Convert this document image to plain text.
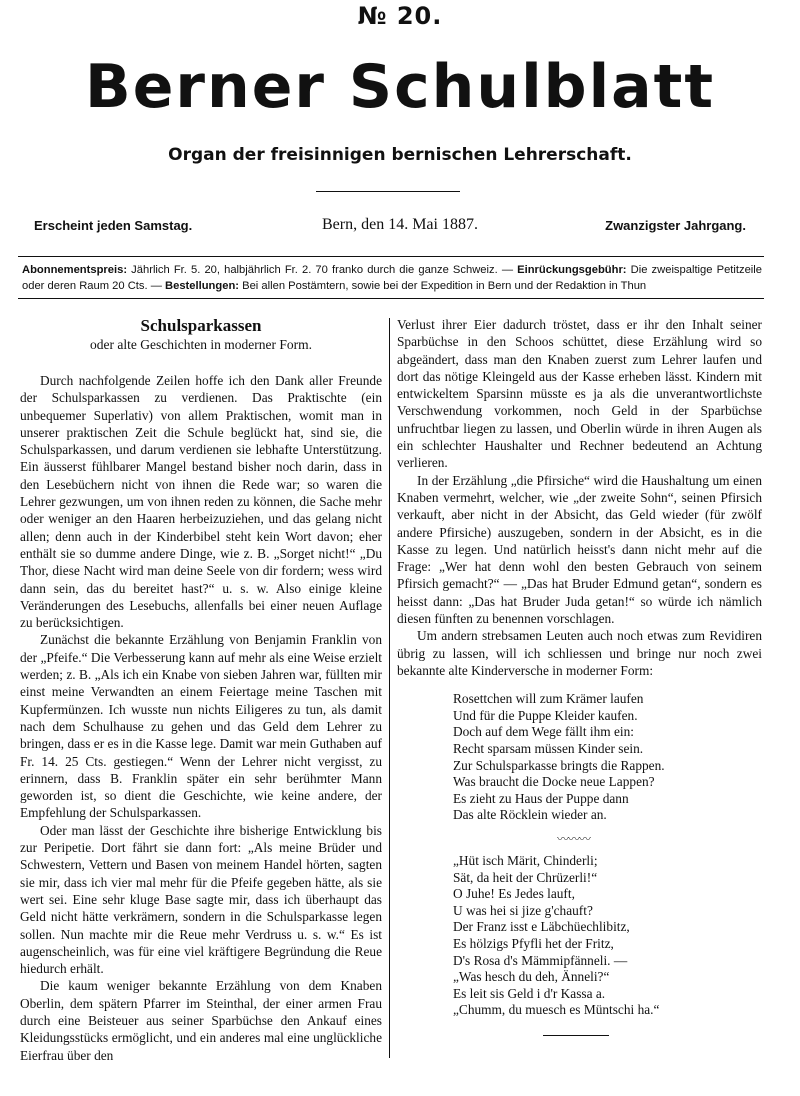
№ 20.
Berner Schulblatt
Organ der freisinnigen bernischen Lehrerschaft.
Erscheint jeden Samstag.	Bern, den 14. Mai 1887.	Zwanzigster Jahrgang.
Abonnementspreis: Jährlich Fr. 5. 20, halbjährlich Fr. 2. 70 franko durch die ganze Schweiz. — Einrückungsgebühr: Die zweispaltige Petitzeile oder deren Raum 20 Cts. — Bestellungen: Bei allen Postämtern, sowie bei der Expedition in Bern und der Redaktion in Thun
Schulsparkassen
oder alte Geschichten in moderner Form.

Durch nachfolgende Zeilen hoffe ich den Dank aller Freunde der Schulsparkassen zu verdienen. Das Praktischte (ein unbequemer Superlativ) von allem Praktischen, womit man in unserer praktischen Zeit die Schule beglückt hat, sind sie, die Schulsparkassen, und darum verdienen sie lebhafte Unterstützung. Ein äusserst fühlbarer Mangel bestand bisher noch darin, dass in den Lesebüchern nicht von ihnen die Rede war; so waren die Lehrer gezwungen, um von ihnen reden zu können, die Sache mehr oder weniger an den Haaren herbeizuziehen, und das gelang nicht allen; denn auch in der Kinderbibel steht kein Wort davon; eher enthält sie so dumme andere Dinge, wie z. B. „Sorget nicht!“ „Du Thor, diese Nacht wird man deine Seele von dir fordern; wess wird dann sein, das du bereitet hast?“ u. s. w. Also einige kleine Veränderungen des Lesebuchs, allenfalls bei einer neuen Auflage zu berücksichtigen.

Zunächst die bekannte Erzählung von Benjamin Franklin von der „Pfeife.“ Die Verbesserung kann auf mehr als eine Weise erzielt werden; z. B. „Als ich ein Knabe von sieben Jahren war, füllten mir einst meine Verwandten an einem Feiertage meine Taschen mit Kupfermünzen. Ich wusste nun nichts Eiligeres zu tun, als damit nach dem Schulhause zu gehen und das Geld dem Lehrer zu bringen, dass er es in die Kasse lege. Damit war mein Guthaben auf Fr. 14. 25 Cts. gestiegen.“ Wenn der Lehrer nicht vergisst, zu erinnern, dass B. Franklin später ein sehr berühmter Mann geworden ist, so dient die Geschichte, wie keine andere, der Empfehlung der Schulsparkassen.

Oder man lässt der Geschichte ihre bisherige Entwicklung bis zur Peripetie. Dort fährt sie dann fort: „Als meine Brüder und Schwestern, Vettern und Basen von meinem Handel hörten, sagten sie mir, dass ich vier mal mehr für die Pfeife gegeben hätte, als sie wert sei. Eine sehr kluge Base sagte mir, dass ich überhaupt das Geld nicht hätte verkrämern, sondern in die Schulsparkasse legen sollen. Nun machte mir die Reue mehr Verdruss u. s. w.“ Es ist augenscheinlich, was für eine viel kräftigere Begründung die Reue hiedurch erhält.

Die kaum weniger bekannte Erzählung von dem Knaben Oberlin, dem spätern Pfarrer im Steinthal, der einer armen Frau durch eine Beisteuer aus seiner Sparbüchse den Ankauf eines Kleidungsstücks ermöglicht, und ein anderes mal eine unglückliche Eierfrau über den

Verlust ihrer Eier dadurch tröstet, dass er ihr den Inhalt seiner Sparbüchse in den Schoos schüttet, diese Erzählung wird so abgeändert, dass man den Knaben zuerst zum Lehrer laufen und dort das nötige Kleingeld aus der Kasse erheben lässt. Kindern mit entwickeltem Sparsinn müsste es ja als die unverantwortlichste Verschwendung vorkommen, noch Geld in der Sparbüchse unfruchtbar liegen zu lassen, und Oberlin würde in ihren Augen als ein schlechter Haushalter und Rechner bedeutend an Achtung verlieren.

In der Erzählung „die Pfirsiche“ wird die Haushaltung um einen Knaben vermehrt, welcher, wie „der zweite Sohn“, seinen Pfirsich verkauft, aber nicht in der Absicht, das Geld wieder (für zwölf andere Pfirsiche) auszugeben, sondern in der Absicht, es in die Kasse zu legen. Und natürlich heisst's dann nicht mehr auf die Frage: „Wer hat denn wohl den besten Gebrauch von seinem Pfirsich gemacht?“ — „Das hat Bruder Edmund getan“, sondern es heisst dann: „Das hat Bruder Juda getan!“ so würde ich nämlich diesen fünften zu benennen vorschlagen.

Um andern strebsamen Leuten auch noch etwas zum Revidiren übrig zu lassen, will ich schliessen und bringe nur noch zwei bekannte alte Kinderversche in moderner Form:

Rosettchen will zum Krämer laufen
Und für die Puppe Kleider kaufen.
Doch auf dem Wege fällt ihm ein:
Recht sparsam müssen Kinder sein.
Zur Schulsparkasse bringts die Rappen.
Was braucht die Docke neue Lappen?
Es zieht zu Haus der Puppe dann
Das alte Röcklein wieder an.
〰〰〰
„Hüt isch Märit, Chinderli;
Sät, da heit der Chrüzerli!“
O Juhe! Es Jedes lauft,
U was hei si jize g'chauft?
Der Franz isst e Läbchüechlibitz,
Es hölzigs Pfyfli het der Fritz,
D's Rosa d's Mämmipfänneli. —
„Was hesch du deh, Änneli?“
Es leit sis Geld i d'r Kassa a.
„Chumm, du muesch es Müntschi ha.“
